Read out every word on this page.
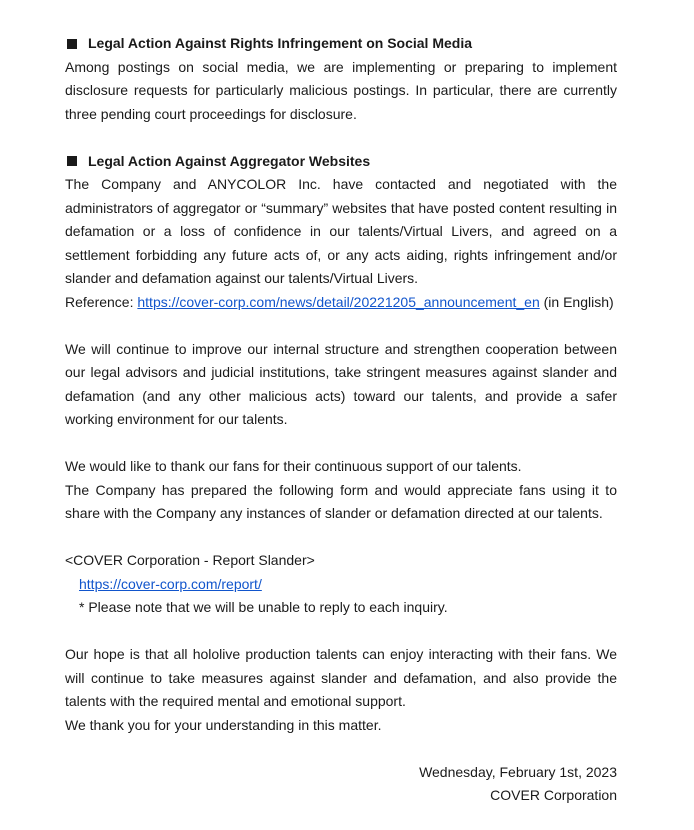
Legal Action Against Rights Infringement on Social Media

Among postings on social media, we are implementing or preparing to implement disclosure requests for particularly malicious postings. In particular, there are currently three pending court proceedings for disclosure.

Legal Action Against Aggregator Websites

The Company and ANYCOLOR Inc. have contacted and negotiated with the administrators of aggregator or “summary” websites that have posted content resulting in defamation or a loss of confidence in our talents/Virtual Livers, and agreed on a settlement forbidding any future acts of, or any acts aiding, rights infringement and/or slander and defamation against our talents/Virtual Livers.

Reference: https://cover-corp.com/news/detail/20221205_announcement_en (in English)

We will continue to improve our internal structure and strengthen cooperation between our legal advisors and judicial institutions, take stringent measures against slander and defamation (and any other malicious acts) toward our talents, and provide a safer working environment for our talents.

We would like to thank our fans for their continuous support of our talents.

The Company has prepared the following form and would appreciate fans using it to share with the Company any instances of slander or defamation directed at our talents.

<COVER Corporation - Report Slander>

https://cover-corp.com/report/

* Please note that we will be unable to reply to each inquiry.

Our hope is that all hololive production talents can enjoy interacting with their fans. We will continue to take measures against slander and defamation, and also provide the talents with the required mental and emotional support.

We thank you for your understanding in this matter.

Wednesday, February 1st, 2023

COVER Corporation
